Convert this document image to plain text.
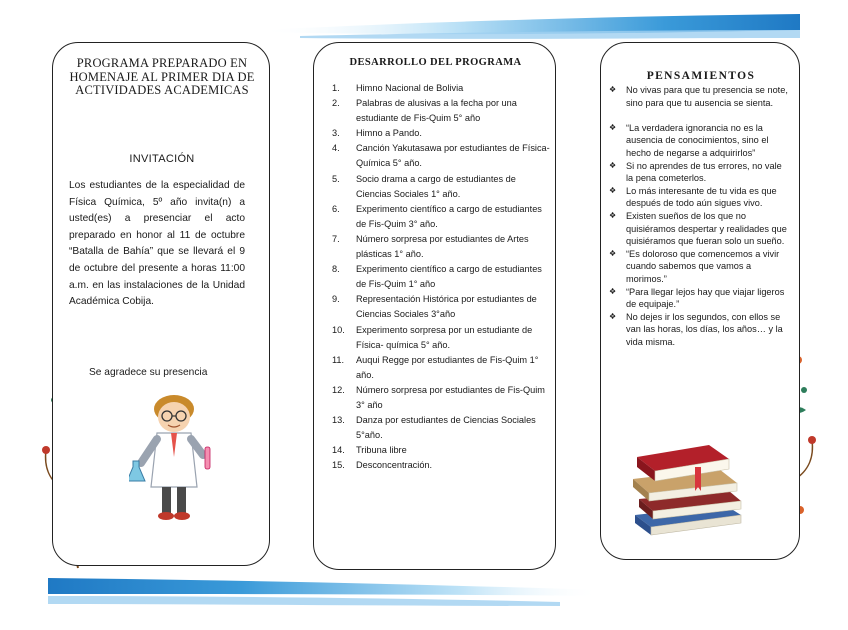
PROGRAMA PREPARADO EN HOMENAJE AL PRIMER DIA DE ACTIVIDADES ACADEMICAS
INVITACIÓN
Los estudiantes de la especialidad de Física Química, 5º año invita(n) a usted(es) a presenciar el acto preparado en honor al 11 de octubre “Batalla de Bahía” que se llevará el 9 de octubre del presente a horas 11:00 a.m. en las instalaciones de la Unidad Académica Cobija.
Se agradece su presencia
DESARROLLO DEL PROGRAMA
1.	Himno Nacional de Bolivia
2.	Palabras de alusivas a la fecha por una estudiante de Fis-Quim 5° año
3.	Himno a Pando.
4.	Canción Yakutasawa por estudiantes de Física-Química 5° año.
5.	Socio drama a cargo de estudiantes de Ciencias Sociales 1° año.
6.	Experimento científico a cargo de estudiantes de Fis-Quim 3° año.
7.	Número sorpresa por estudiantes de Artes plásticas 1° año.
8.	Experimento científico a cargo de estudiantes de Fis-Quim 1° año
9.	Representación Histórica por estudiantes de Ciencias Sociales 3°año
10.	Experimento sorpresa por un estudiante de Física- química 5° año.
11.	Auqui Regge por estudiantes de Fis-Quim 1° año.
12.	Número sorpresa por estudiantes de Fis-Quim 3° año
13.	Danza por estudiantes de Ciencias Sociales 5°año.
14.	Tribuna libre
15.	Desconcentración.
PENSAMIENTOS
❖	No vivas para que tu presencia se note, sino para que tu ausencia se sienta.
❖	“La verdadera ignorancia no es la ausencia de conocimientos, sino el hecho de negarse a adquirirlos”
❖	Si no aprendes de tus errores, no vale la pena cometerlos.
❖	Lo más interesante de tu vida es que después de todo aún sigues vivo.
❖	Existen sueños de los que no quisiéramos despertar y realidades que quisiéramos que fueran solo un sueño.
❖	“Es doloroso que comencemos a vivir cuando sabemos que vamos a morimos.”
❖	“Para llegar lejos hay que viajar ligeros de equipaje.”
❖	No dejes ir los segundos, con ellos se van las horas, los días, los años… y la vida misma.
